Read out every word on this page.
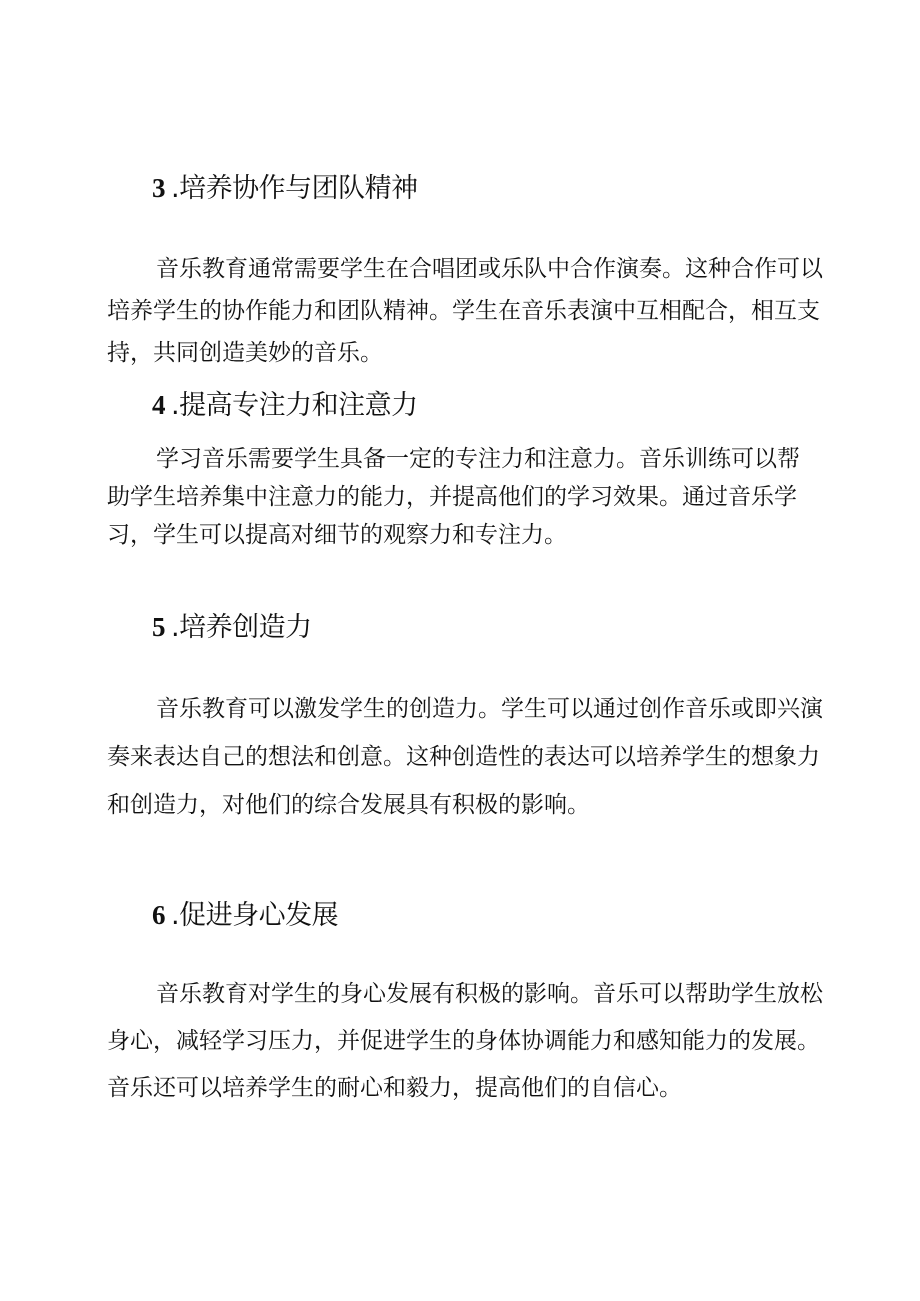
3 .培养协作与团队精神
音乐教育通常需要学生在合唱团或乐队中合作演奏。这种合作可以
培养学生的协作能力和团队精神。学生在音乐表演中互相配合，相互支
持，共同创造美妙的音乐。
4 .提高专注力和注意力
学习音乐需要学生具备一定的专注力和注意力。音乐训练可以帮
助学生培养集中注意力的能力，并提高他们的学习效果。通过音乐学
习，学生可以提高对细节的观察力和专注力。
5 .培养创造力
音乐教育可以激发学生的创造力。学生可以通过创作音乐或即兴演
奏来表达自己的想法和创意。这种创造性的表达可以培养学生的想象力
和创造力，对他们的综合发展具有积极的影响。
6 .促进身心发展
音乐教育对学生的身心发展有积极的影响。音乐可以帮助学生放松
身心，减轻学习压力，并促进学生的身体协调能力和感知能力的发展。
音乐还可以培养学生的耐心和毅力，提高他们的自信心。
